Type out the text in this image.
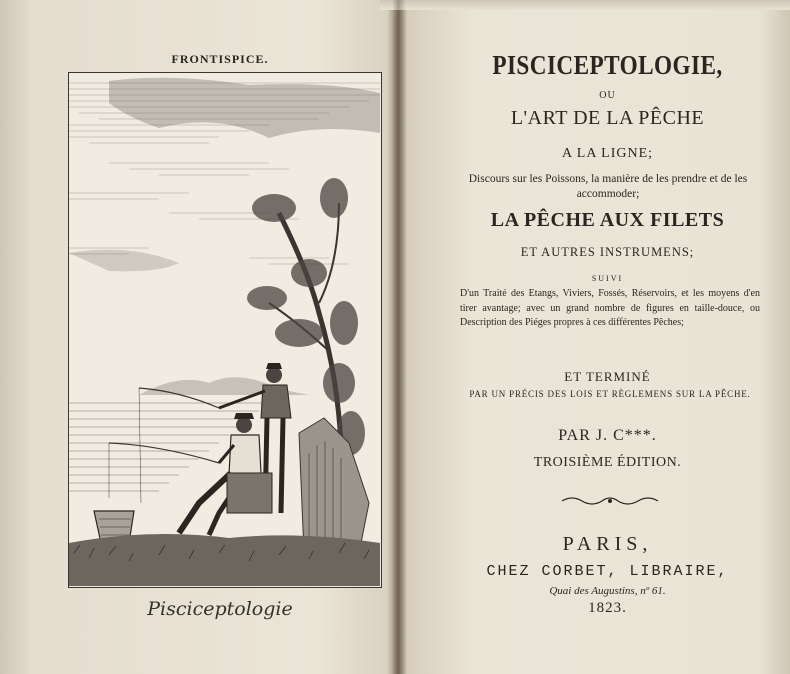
FRONTISPICE.
Pisciceptologie
PISCICEPTOLOGIE,
OU
L'ART DE LA PÊCHE
A LA LIGNE;
Discours sur les Poissons, la manière de les prendre et de les accommoder;
LA PÊCHE AUX FILETS
ET AUTRES INSTRUMENS;
SUIVI
D'un Traité des Etangs, Viviers, Fossés, Réservoirs, et les moyens d'en tirer avantage; avec un grand nombre de figures en taille-douce, ou Description des Piéges propres à ces différentes Pêches;
ET TERMINÉ
PAR UN PRÉCIS DES LOIS ET RÈGLEMENS SUR LA PÊCHE.
PAR J. C***.
TROISIÈME ÉDITION.
PARIS,
CHEZ CORBET, LIBRAIRE,
Quai des Augustins, nº 61.
1823.
